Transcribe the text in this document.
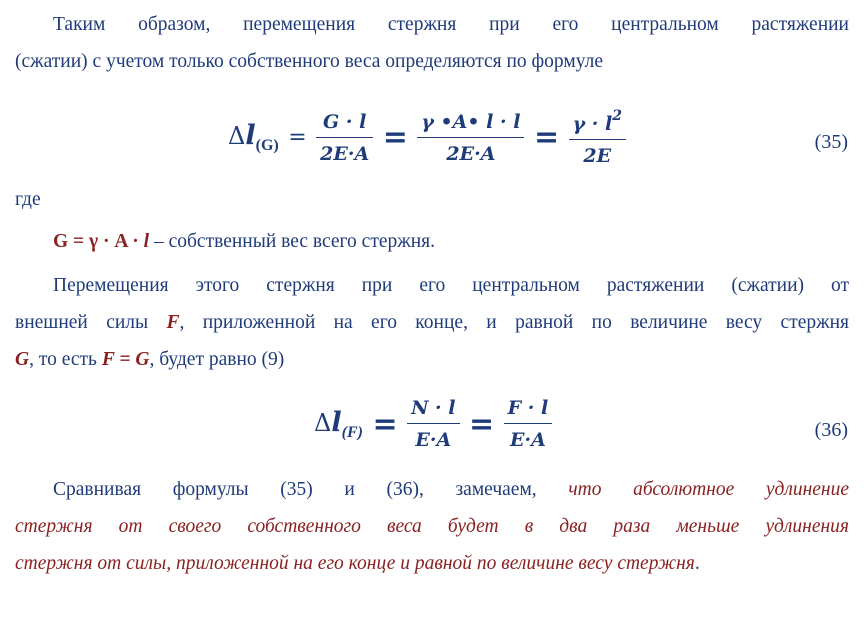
Таким образом, перемещения стержня при его центральном растяжении
(сжатии) с учетом только собственного веса определяются по формуле
$\Delta l_{(G)} = \frac{G \cdot l}{2E\cdot A} = \frac{\gamma •A• l \cdot l}{2E\cdot A} = \frac{\gamma \cdot l^2}{2E}$	(35)
где
G = γ · A · l – собственный вес всего стержня.
Перемещения этого стержня при его центральном растяжении (сжатии) от
внешней силы F, приложенной на его конце, и равной по величине весу стержня
G, то есть F = G, будет равно (9)
$\Delta l_{(F)} = \frac{N \cdot l}{E\cdot A} = \frac{F \cdot l}{E\cdot A}$	(36)
Сравнивая формулы (35) и (36), замечаем, что абсолютное удлинение
стержня от своего собственного веса будет в два раза меньше удлинения
стержня от силы, приложенной на его конце и равной по величине весу стержня.
